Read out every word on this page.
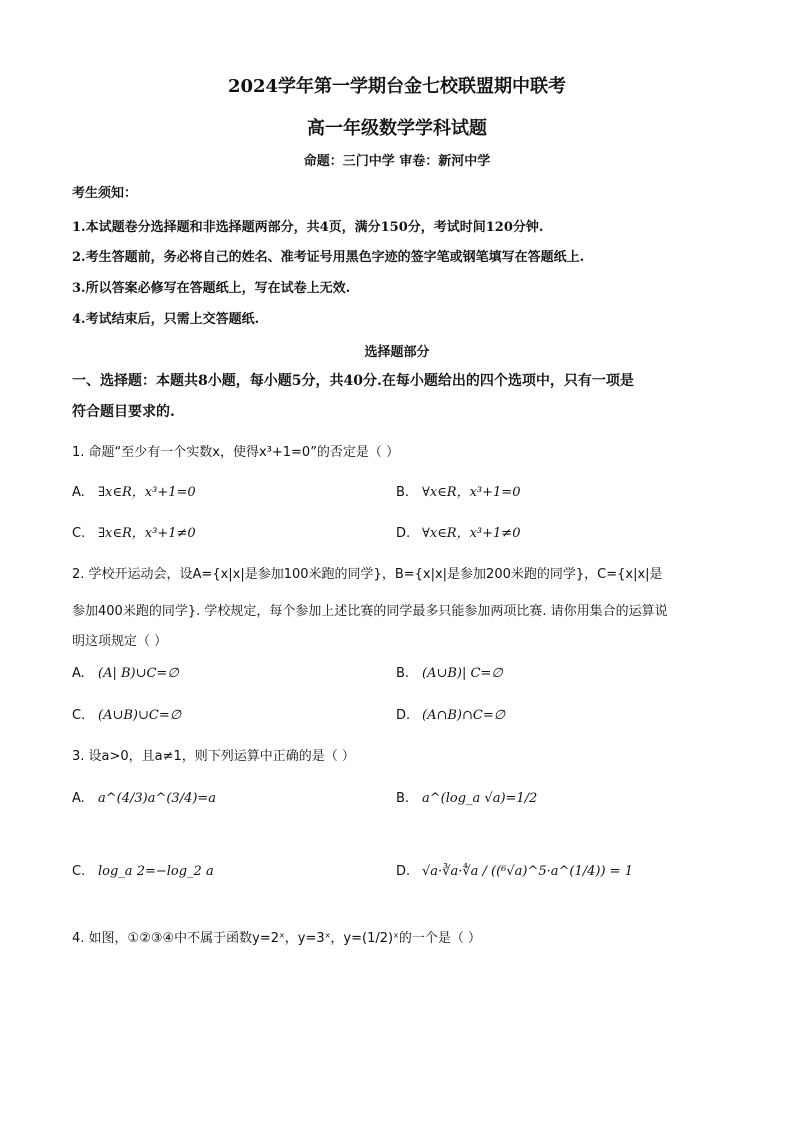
2024学年第一学期台金七校联盟期中联考
高一年级数学学科试题
命题：三门中学 审卷：新河中学
考生须知：
1.本试题卷分选择题和非选择题两部分，共4页，满分150分，考试时间120分钟.
2.考生答题前，务必将自己的姓名、准考证号用黑色字迹的签字笔或钢笔填写在答题纸上.
3.所以答案必修写在答题纸上，写在试卷上无效.
4.考试结束后，只需上交答题纸.
选择题部分
一、选择题：本题共8小题，每小题5分，共40分.在每小题给出的四个选项中，只有一项是
符合题目要求的.
1. 命题“至少有一个实数x，使得x³+1=0”的否定是（ ）
A. ∃x∈R，x³+1=0	B. ∀x∈R，x³+1=0
C. ∃x∈R，x³+1≠0	D. ∀x∈R，x³+1≠0
2. 学校开运动会，设A={x|x|是参加100米跑的同学}，B={x|x|是参加200米跑的同学}，C={x|x|是
参加400米跑的同学}. 学校规定，每个参加上述比赛的同学最多只能参加两项比赛. 请你用集合的运算说
明这项规定（ ）
A. (A| B)∪C=∅	B. (A∪B)| C=∅
C. (A∪B)∪C=∅	D. (A∩B)∩C=∅
3. 设a>0，且a≠1，则下列运算中正确的是（ ）
A. a^(4/3)a^(3/4)=a	B. a^(log_a √a)=1/2
C. log_a 2=−log_2 a	D. √a·∛a·∜a / ((⁶√a)^5·a^(1/4)) = 1
4. 如图，①②③④中不属于函数y=2ˣ，y=3ˣ，y=(1/2)ˣ的一个是（ ）
